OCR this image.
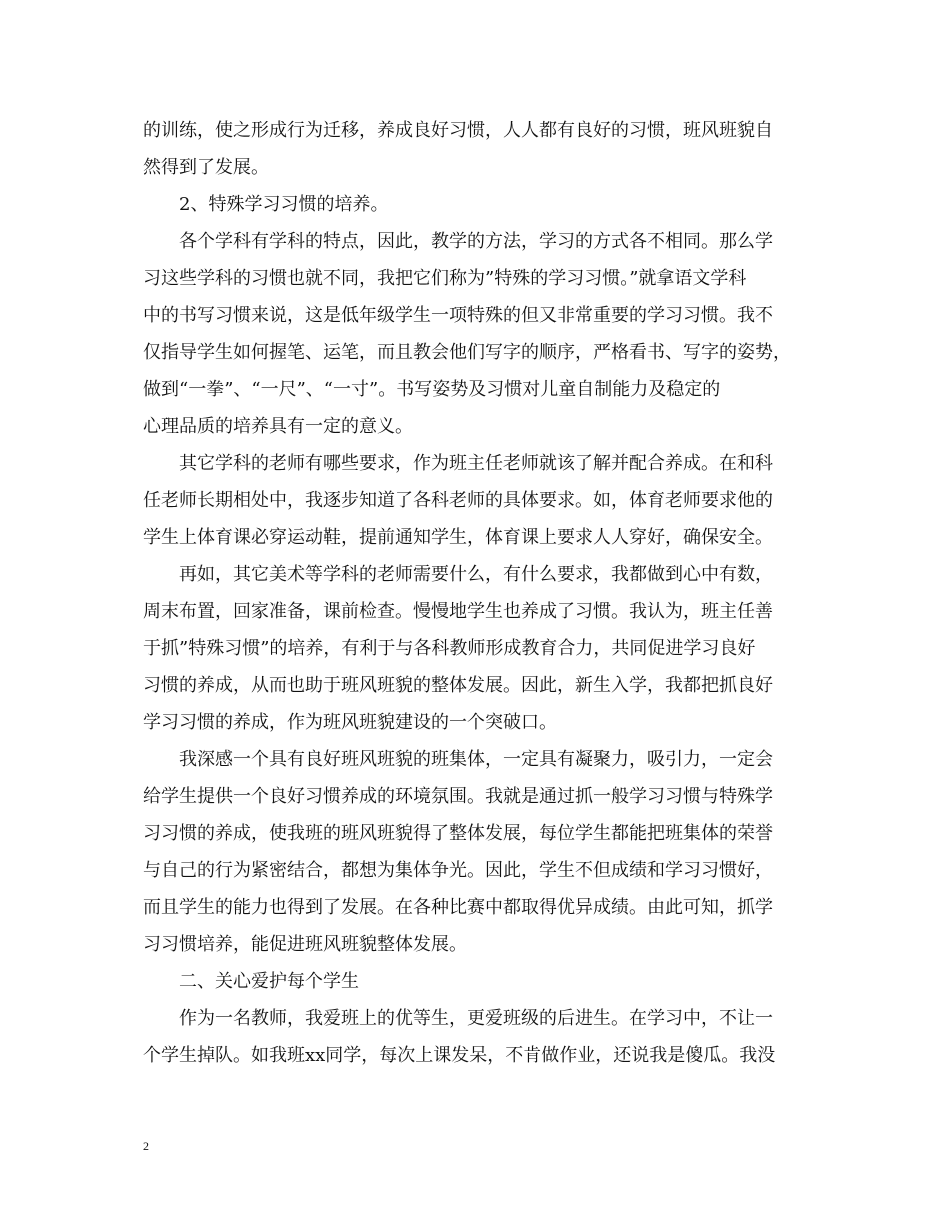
的训练，使之形成行为迁移，养成良好习惯，人人都有良好的习惯，班风班貌自
然得到了发展。
2、特殊学习习惯的培养。
各个学科有学科的特点，因此，教学的方法，学习的方式各不相同。那么学
习这些学科的习惯也就不同，我把它们称为”特殊的学习习惯。”就拿语文学科
中的书写习惯来说，这是低年级学生一项特殊的但又非常重要的学习习惯。我不
仅指导学生如何握笔、运笔，而且教会他们写字的顺序，严格看书、写字的姿势，
做到“一拳”、“一尺”、“一寸”。书写姿势及习惯对儿童自制能力及稳定的
心理品质的培养具有一定的意义。
其它学科的老师有哪些要求，作为班主任老师就该了解并配合养成。在和科
任老师长期相处中，我逐步知道了各科老师的具体要求。如，体育老师要求他的
学生上体育课必穿运动鞋，提前通知学生，体育课上要求人人穿好，确保安全。
再如，其它美术等学科的老师需要什么，有什么要求，我都做到心中有数，
周末布置，回家准备，课前检查。慢慢地学生也养成了习惯。我认为，班主任善
于抓”特殊习惯”的培养，有利于与各科教师形成教育合力，共同促进学习良好
习惯的养成，从而也助于班风班貌的整体发展。因此，新生入学，我都把抓良好
学习习惯的养成，作为班风班貌建设的一个突破口。
我深感一个具有良好班风班貌的班集体，一定具有凝聚力，吸引力，一定会
给学生提供一个良好习惯养成的环境氛围。我就是通过抓一般学习习惯与特殊学
习习惯的养成，使我班的班风班貌得了整体发展，每位学生都能把班集体的荣誉
与自己的行为紧密结合，都想为集体争光。因此，学生不但成绩和学习习惯好，
而且学生的能力也得到了发展。在各种比赛中都取得优异成绩。由此可知，抓学
习习惯培养，能促进班风班貌整体发展。
二、关心爱护每个学生
作为一名教师，我爱班上的优等生，更爱班级的后进生。在学习中，不让一
个学生掉队。如我班xx同学，每次上课发呆，不肯做作业，还说我是傻瓜。我没
2
